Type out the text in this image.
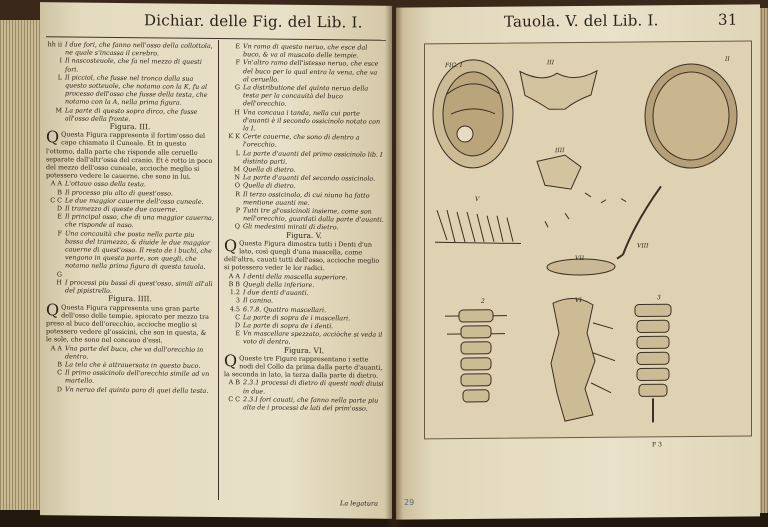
Dichiar. delle Fig. del Lib. I.
hh ii I due fori, che fanno nell'osso della collottola, ne quale s'incassa il cerebro.
I Il nascosteuole, che fa nel mezzo di questi fori.
L Il picciol, che fusse nel tronco dalla sua questo sotteuole, che notamo con la K, fu al processo dell'osso che fusse della testa, che notamo con la A, nella prima figura.
M La parte di questo sopra dirco, che fusse all'osso della fronte.

Figura. III.

Q Questa Figura rappresenta il fortim'osso del capo chiamato il Cuneale. Et in questo l'ottomo, dalla parte che risponde alle ceruello separate dall'altr'ossa del cranio. Et è rotto in poco del mezzo dell'osso cuneale, accioche meglio si potessero vedere le cauerne, che sono in lui.

A A L'ottauo osso della testa.
B Il processo piu alto di quest'osso.
C C Le due maggior cauerne dell'osso cuneale.
D Il tramezzo di queste due cauerne.
E Il principal osso, che di una maggior cauerna, che risponde al naso.
F Una concauità che posta nella parte piu bassa del tramezzo, & diuide le due maggior cauerne di quest'osso. Il resto de i buchi, che vengono in questa parte, son quegli, che notamo nella prima figura di questa tauola.
G
H I processi piu bassi di quest'osso, simili all'ali del pipistrello.

Figura. IIII.

Q Questa Figura rappresenta una gran parte dell'osso delle tempie, spiccato per mezzo tra preso al buco dell'orecchio, accioche meglio si potessero vedere gl'ossicini, che son in questa, & le sole, che sono nel concauo d'essi.

A A Vna parte del buco, che va dall'orecchio in dentro.
B La tela che è attrauersata in questo buco.
C Il primo ossicinolo dell'orecchio simile ad vn martello.
D Vn neruo del quinto paro di quei della testa.
E Vn ramo di questo neruo, che esce dal buco, & va al muscolo delle tempie.
F Vn'altro ramo dell'istesso neruo, che esce del buco per lo qual entra la vena, che va al ceruello.
G La distributione del quinto neruo della testa per la concauità del buco dell'orecchio.
H Vna concaua i tanda, nella cui parte d'auanti è il secondo ossicinolo notato con la I.
K K Certe cauerne, che sono di dentro a l'orecchio.
L La parte d'auanti del primo ossicinolo lib. I distinto parti.
M Quella di dietro.
N La parte d'auanti del secondo ossicinolo.
O Quella di dietro.
R Il terzo ossicinolo, di cui niuno ha fatto mentione auanti me.
P Tutti tre gl'ossicinoli insieme, come son nell'orecchio, guardati dalla parte d'auanti.
Q Gli medesimi mirati di dietro.

Figura. V.

Q Questa Figura dimostra tutti i Denti d'un lato, così quegli d'una mascella, come dell'altra, cauati tutti dell'osso, accioche meglio si potessero veder le lor radici.

A A I denti della mascella superiore.
B B Quegli della inferiore.
1.2 I due denti d'auanti.
3 Il canino.
4.5 6.7.8. Quattro mascellari.
C La parte di sopra de i mascellari.
D La parte di sopra de i denti.
E Vn mascellare spezzato, acciòche si veda il voto di dentro.

Figura. VI.

Q Queste tre Figure rappresentano i sette nodi del Collo da prima dalla parte d'auanti, la seconda in lato, la terza dalla parte di dietro.

A B 2.3.1 processi di dietro di questi nodi diuisi in due.
C C 2.3.I fori cauati, che fanno nella parte piu alta de i processi de lati del prim'osso.
La legatura
Tauola. V. del Lib. I.	31
FIG. I	III
II
IIII
V
VII
VIII
VI
2
3
F 3
29
